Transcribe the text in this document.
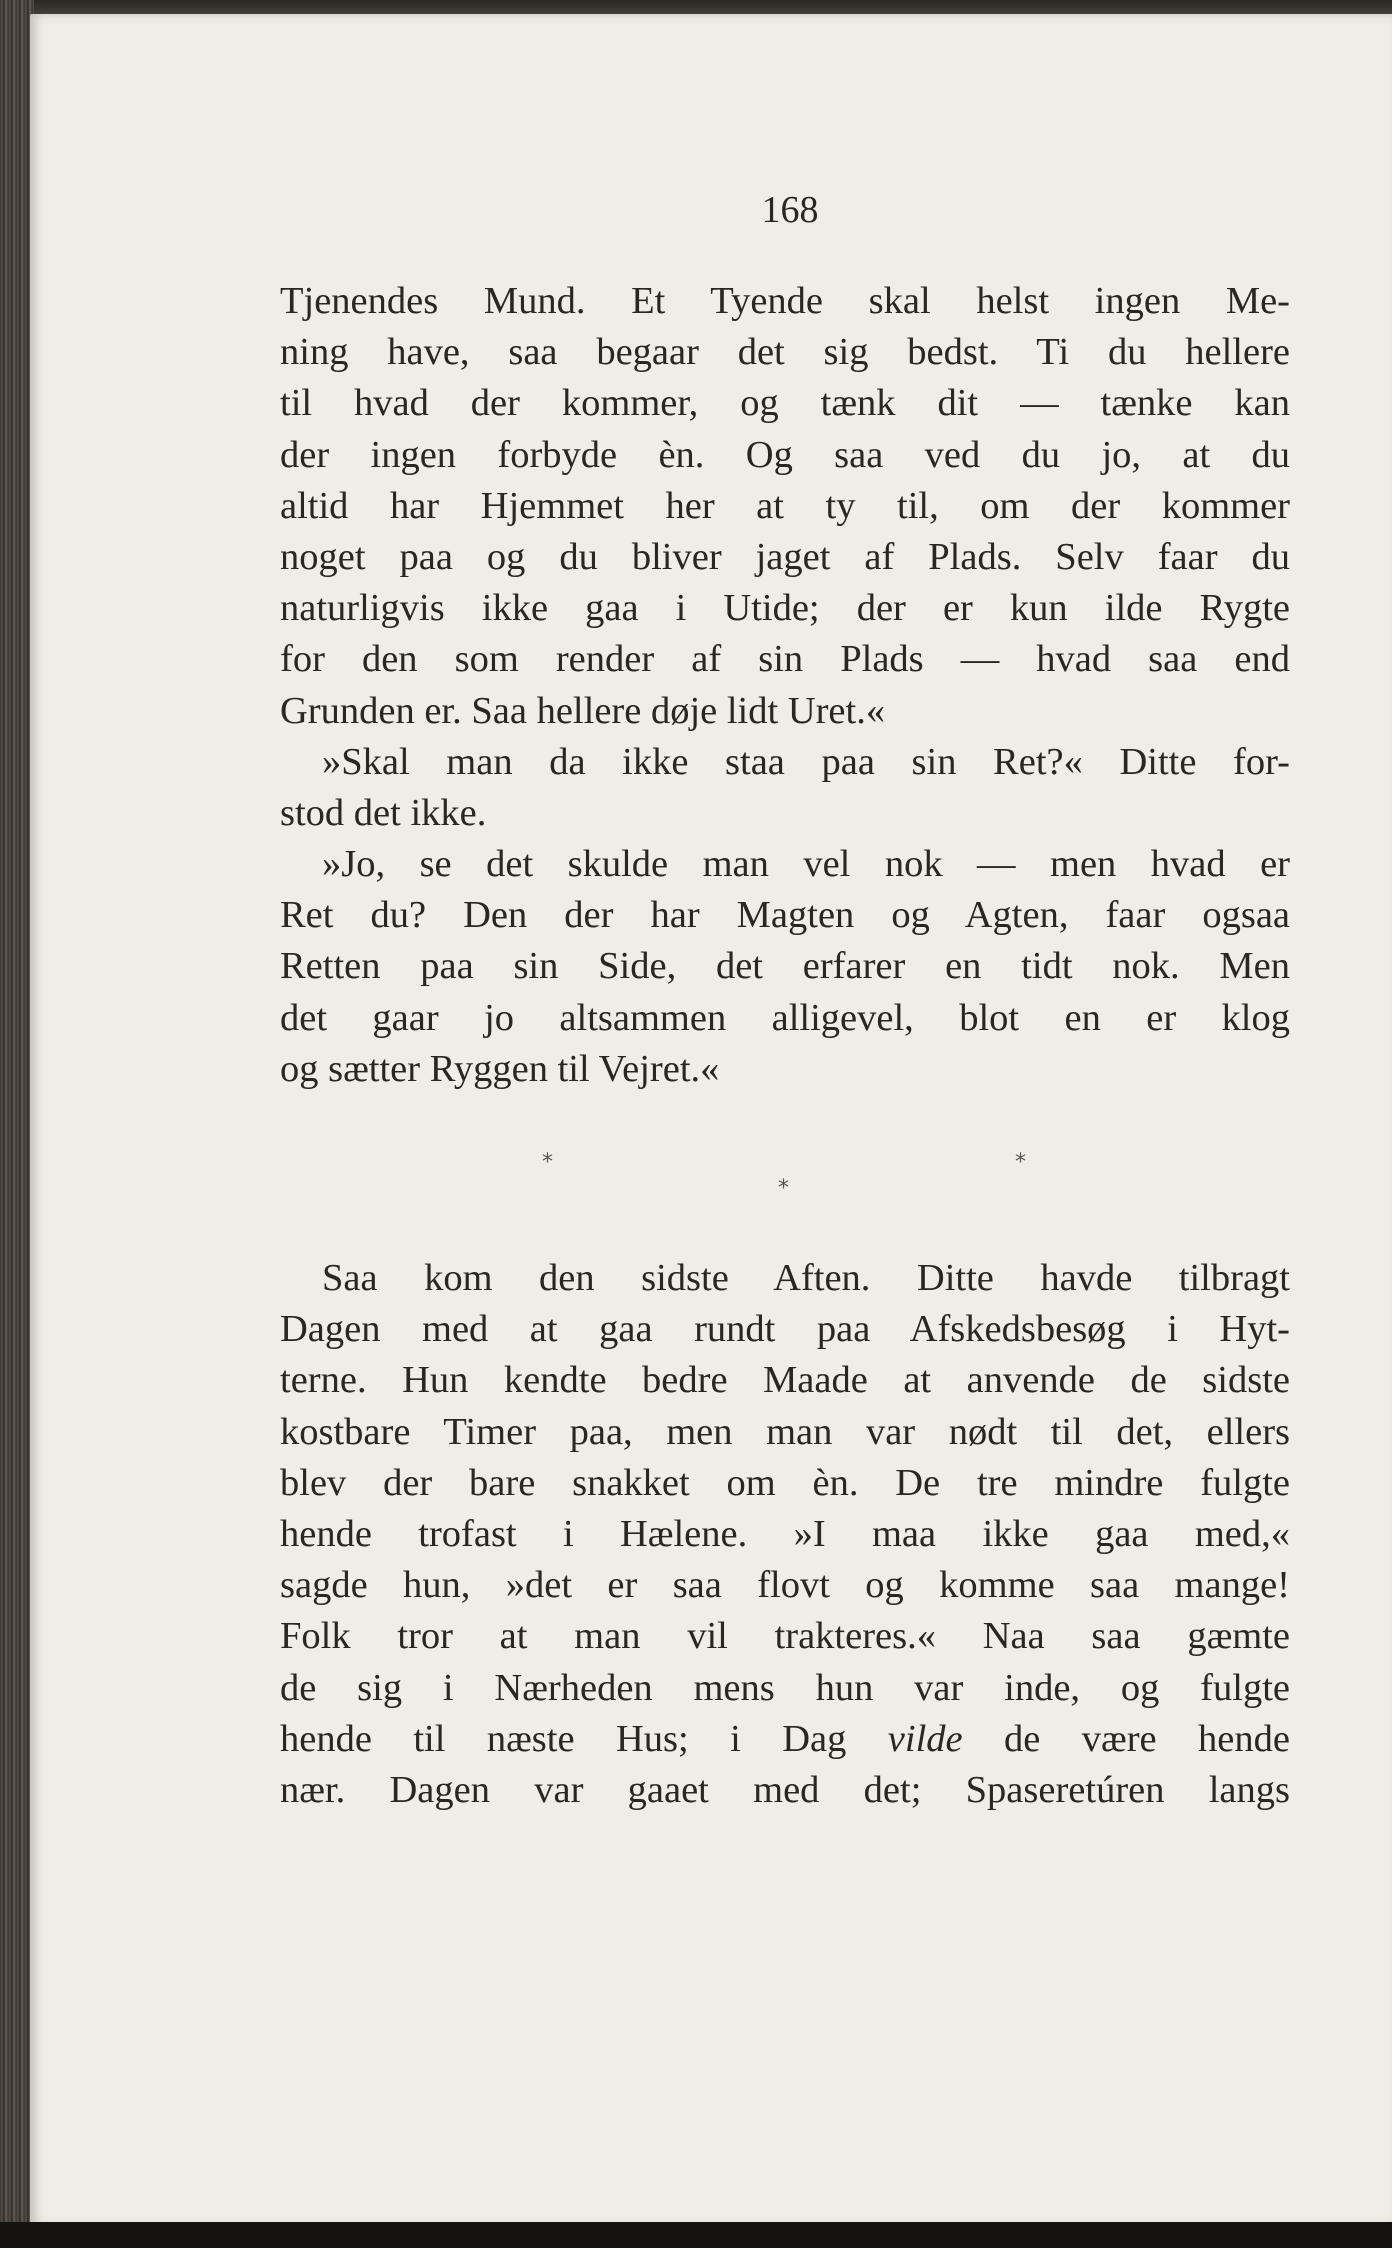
168
Tjenendes Mund. Et Tyende skal helst ingen Me-
ning have, saa begaar det sig bedst. Ti du hellere
til hvad der kommer, og tænk dit — tænke kan
der ingen forbyde èn. Og saa ved du jo, at du
altid har Hjemmet her at ty til, om der kommer
noget paa og du bliver jaget af Plads. Selv faar du
naturligvis ikke gaa i Utide; der er kun ilde Rygte
for den som render af sin Plads — hvad saa end
Grunden er. Saa hellere døje lidt Uret.«
»Skal man da ikke staa paa sin Ret?« Ditte for-
stod det ikke.
»Jo, se det skulde man vel nok — men hvad er
Ret du? Den der har Magten og Agten, faar ogsaa
Retten paa sin Side, det erfarer en tidt nok. Men
det gaar jo altsammen alligevel, blot en er klog
og sætter Ryggen til Vejret.«
*	*
*
Saa kom den sidste Aften. Ditte havde tilbragt
Dagen med at gaa rundt paa Afskedsbesøg i Hyt-
terne. Hun kendte bedre Maade at anvende de sidste
kostbare Timer paa, men man var nødt til det, ellers
blev der bare snakket om èn. De tre mindre fulgte
hende trofast i Hælene. »I maa ikke gaa med,«
sagde hun, »det er saa flovt og komme saa mange!
Folk tror at man vil trakteres.« Naa saa gæmte
de sig i Nærheden mens hun var inde, og fulgte
hende til næste Hus; i Dag vilde de være hende
nær. Dagen var gaaet med det; Spaseretúren langs
